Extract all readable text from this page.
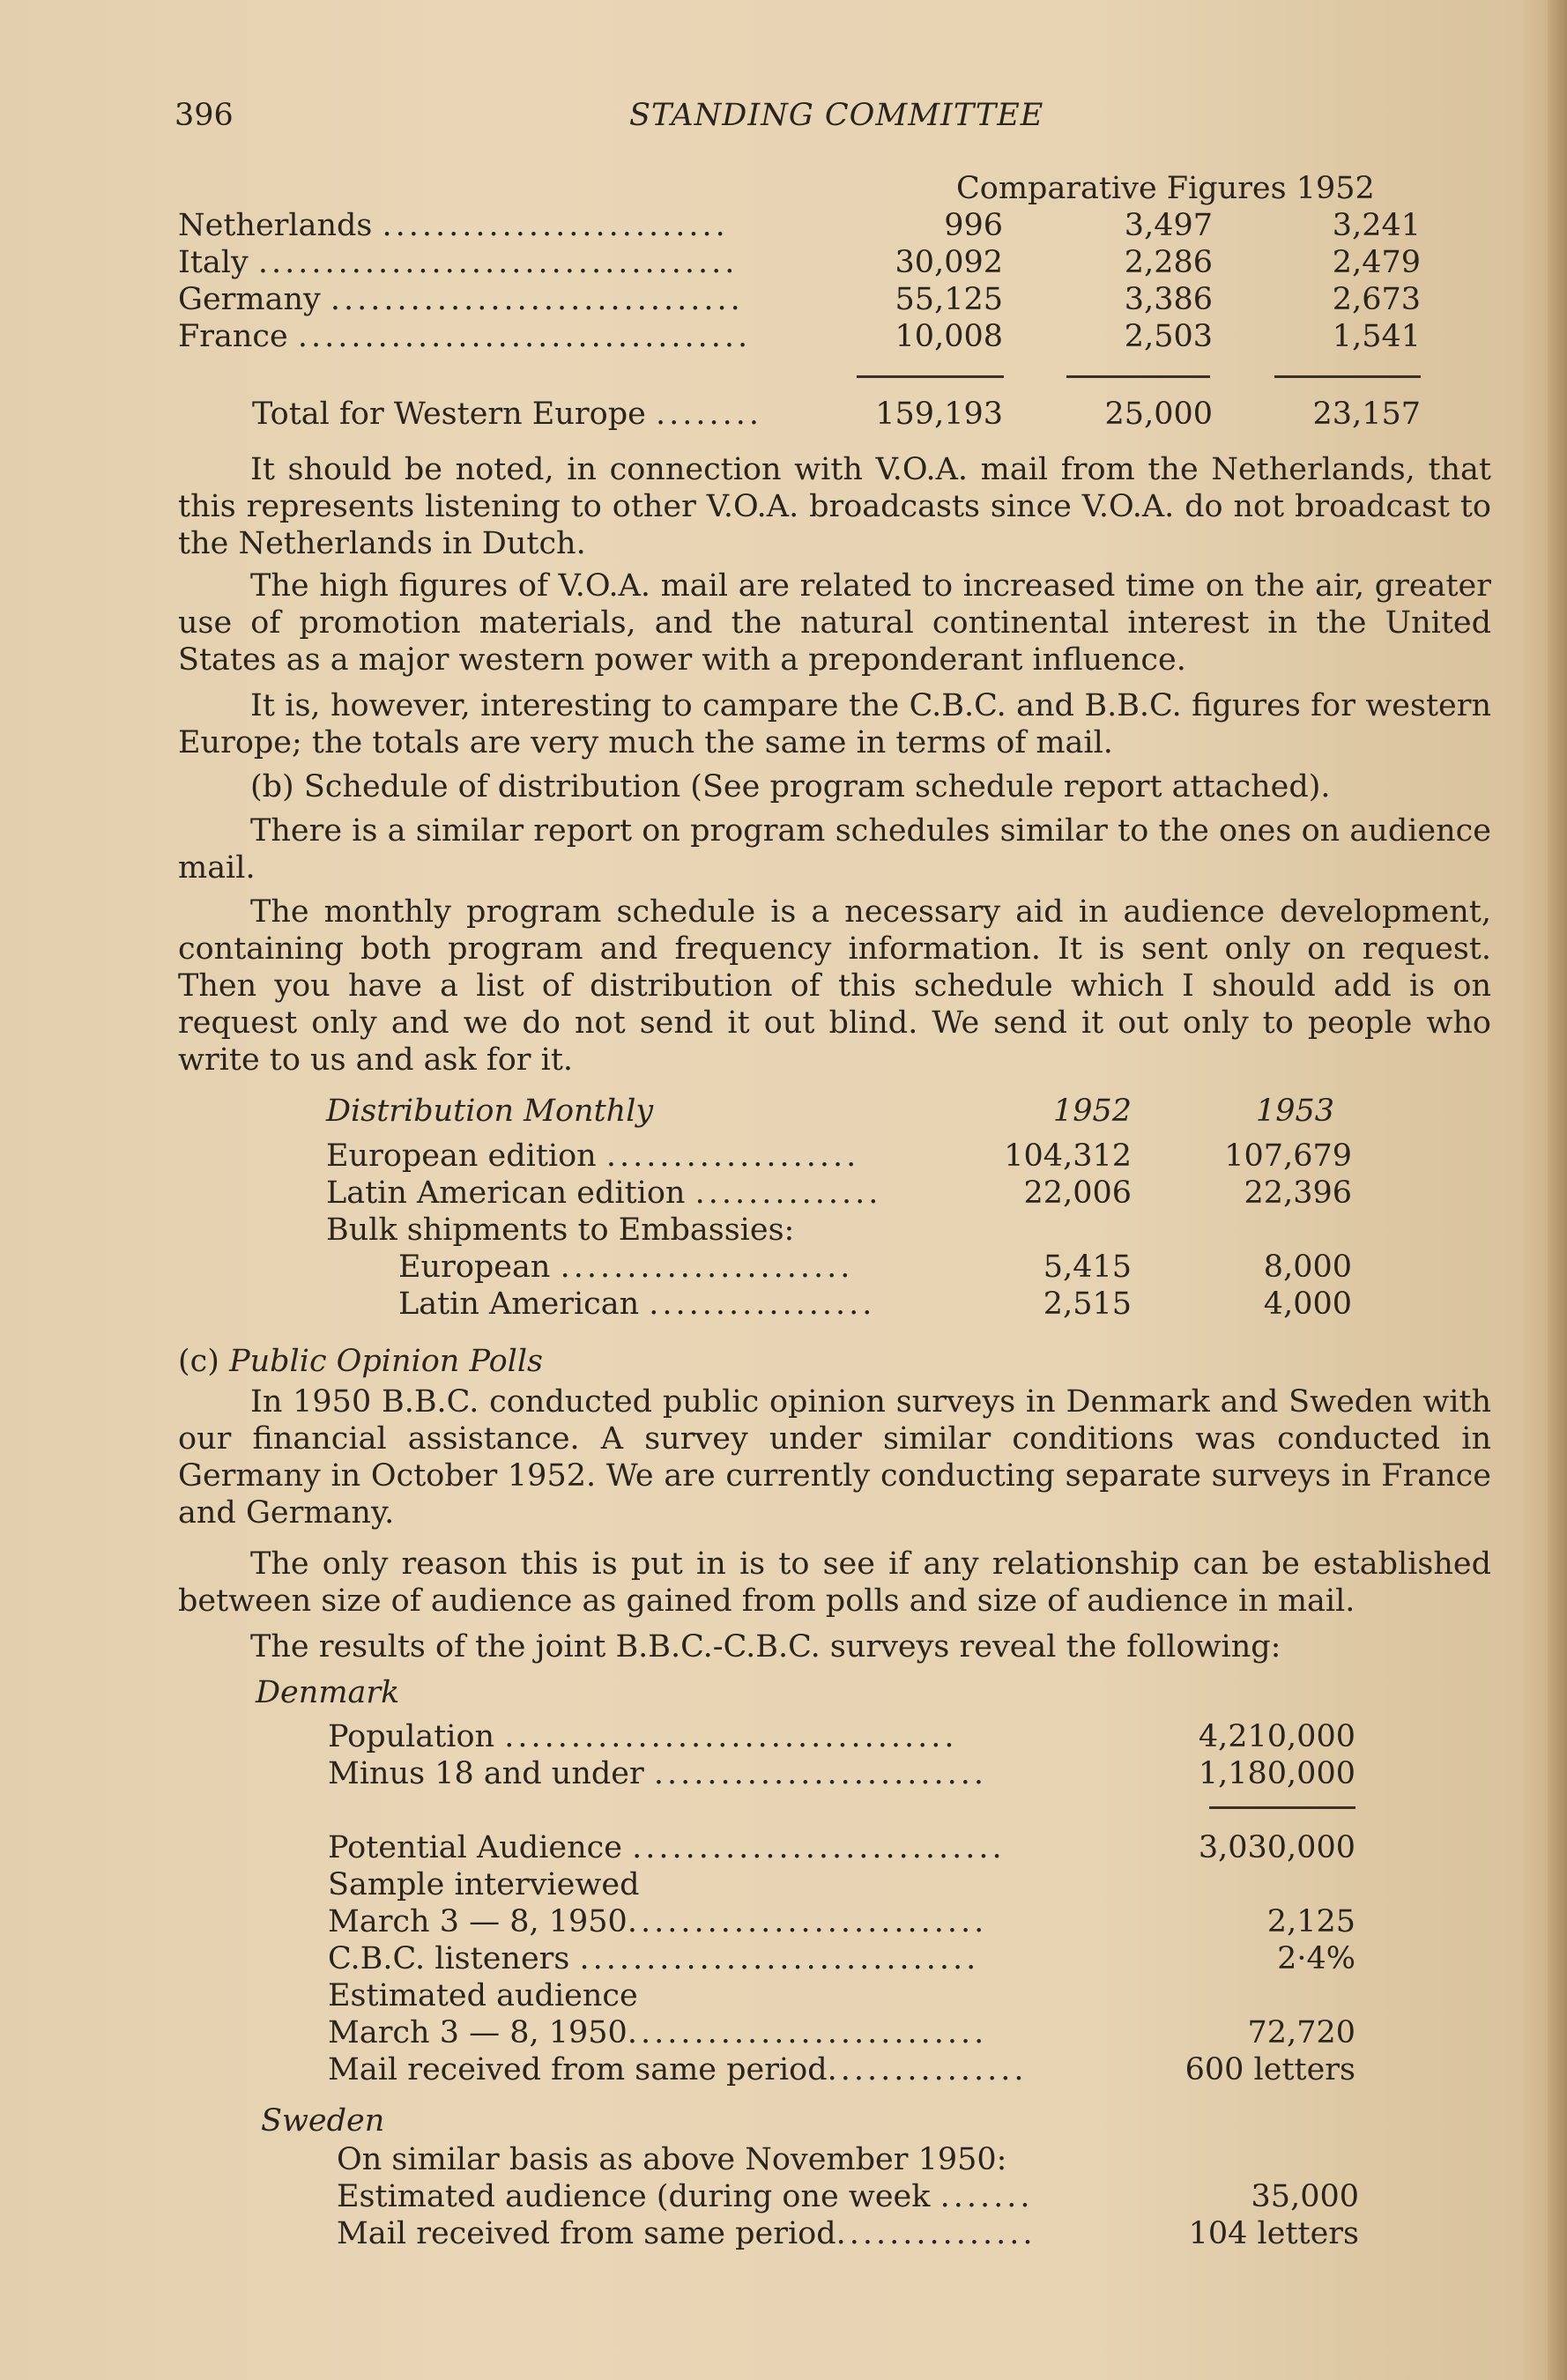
396	STANDING COMMITTEE
Comparative Figures 1952
Netherlands ..........................	996	3,497	3,241
Italy ....................................	30,092	2,286	2,479
Germany ...............................	55,125	3,386	2,673
France ..................................	10,008	2,503	1,541
Total for Western Europe ........	159,193	25,000	23,157

It should be noted, in connection with V.O.A. mail from the Netherlands, that this represents listening to other V.O.A. broadcasts since V.O.A. do not broadcast to the Netherlands in Dutch.

The high figures of V.O.A. mail are related to increased time on the air, greater use of promotion materials, and the natural continental interest in the United States as a major western power with a preponderant influence.

It is, however, interesting to campare the C.B.C. and B.B.C. figures for western Europe; the totals are very much the same in terms of mail.

(b) Schedule of distribution (See program schedule report attached).

There is a similar report on program schedules similar to the ones on audience mail.

The monthly program schedule is a necessary aid in audience development, containing both program and frequency information. It is sent only on request. Then you have a list of distribution of this schedule which I should add is on request only and we do not send it out blind. We send it out only to people who write to us and ask for it.

Distribution Monthly	1952	1953
European edition ...................	104,312	107,679
Latin American edition ..............	22,006	22,396
Bulk shipments to Embassies:
European ......................	5,415	8,000
Latin American .................	2,515	4,000
(c) Public Opinion Polls

In 1950 B.B.C. conducted public opinion surveys in Denmark and Sweden with our financial assistance. A survey under similar conditions was conducted in Germany in October 1952. We are currently conducting separate surveys in France and Germany.

The only reason this is put in is to see if any relationship can be established between size of audience as gained from polls and size of audience in mail.

The results of the joint B.B.C.-C.B.C. surveys reveal the following:

Denmark
Population ..................................	4,210,000
Minus 18 and under .........................	1,180,000
Potential Audience ............................	3,030,000
Sample interviewed
March 3 — 8, 1950...........................	2,125
C.B.C. listeners ..............................	2·4%
Estimated audience
March 3 — 8, 1950...........................	72,720
Mail received from same period...............	600 letters
Sweden
On similar basis as above November 1950:
Estimated audience (during one week .......	35,000
Mail received from same period...............	104 letters
